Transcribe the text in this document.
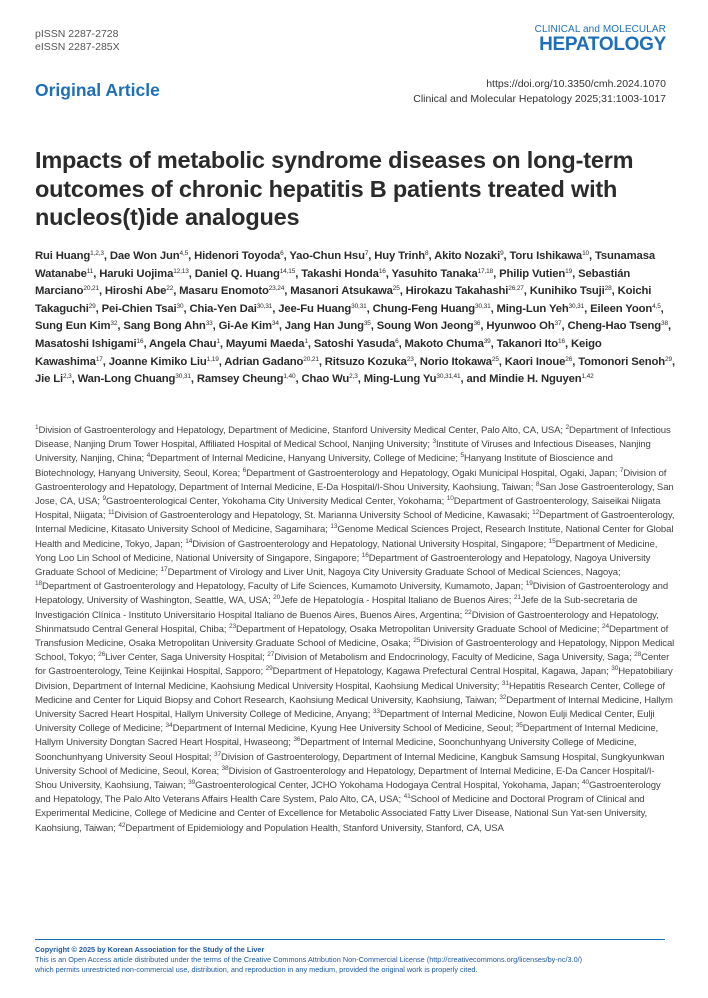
pISSN 2287-2728
eISSN 2287-285X
CLINICAL and MOLECULAR
HEPATOLOGY
Original Article	https://doi.org/10.3350/cmh.2024.1070
Clinical and Molecular Hepatology 2025;31:1003-1017
Impacts of metabolic syndrome diseases on long-term outcomes of chronic hepatitis B patients treated with nucleos(t)ide analogues
Rui Huang$^{1,2,3}$, Dae Won Jun$^{4,5}$, Hidenori Toyoda$^6$, Yao-Chun Hsu$^7$, Huy Trinh$^8$, Akito Nozaki$^9$, Toru Ishikawa$^{10}$, Tsunamasa Watanabe$^{11}$, Haruki Uojima$^{12,13}$, Daniel Q. Huang$^{14,15}$, Takashi Honda$^{16}$, Yasuhito Tanaka$^{17,18}$, Philip Vutien$^{19}$, Sebastián Marciano$^{20,21}$, Hiroshi Abe$^{22}$, Masaru Enomoto$^{23,24}$, Masanori Atsukawa$^{25}$, Hirokazu Takahashi$^{26,27}$, Kunihiko Tsuji$^{28}$, Koichi Takaguchi$^{29}$, Pei-Chien Tsai$^{30}$, Chia-Yen Dai$^{30,31}$, Jee-Fu Huang$^{30,31}$, Chung-Feng Huang$^{30,31}$, Ming-Lun Yeh$^{30,31}$, Eileen Yoon$^{4,5}$, Sung Eun Kim$^{32}$, Sang Bong Ahn$^{33}$, Gi-Ae Kim$^{34}$, Jang Han Jung$^{35}$, Soung Won Jeong$^{36}$, Hyunwoo Oh$^{37}$, Cheng-Hao Tseng$^{38}$, Masatoshi Ishigami$^{16}$, Angela Chau$^1$, Mayumi Maeda$^1$, Satoshi Yasuda$^6$, Makoto Chuma$^{39}$, Takanori Ito$^{16}$, Keigo Kawashima$^{17}$, Joanne Kimiko Liu$^{1,19}$, Adrian Gadano$^{20,21}$, Ritsuzo Kozuka$^{23}$, Norio Itokawa$^{25}$, Kaori Inoue$^{26}$, Tomonori Senoh$^{29}$, Jie Li$^{2,3}$, Wan-Long Chuang$^{30,31}$, Ramsey Cheung$^{1,40}$, Chao Wu$^{2,3}$, Ming-Lung Yu$^{30,31,41}$, and Mindie H. Nguyen$^{1,42}$
$^1$Division of Gastroenterology and Hepatology, Department of Medicine, Stanford University Medical Center, Palo Alto, CA, USA; $^2$Department of Infectious Disease, Nanjing Drum Tower Hospital, Affiliated Hospital of Medical School, Nanjing University; $^3$Institute of Viruses and Infectious Diseases, Nanjing University, Nanjing, China; $^4$Department of Internal Medicine, Hanyang University, College of Medicine; $^5$Hanyang Institute of Bioscience and Biotechnology, Hanyang University, Seoul, Korea; $^6$Department of Gastroenterology and Hepatology, Ogaki Municipal Hospital, Ogaki, Japan; $^7$Division of Gastroenterology and Hepatology, Department of Internal Medicine, E-Da Hospital/I-Shou University, Kaohsiung, Taiwan; $^8$San Jose Gastroenterology, San Jose, CA, USA; $^9$Gastroenterological Center, Yokohama City University Medical Center, Yokohama; $^{10}$Department of Gastroenterology, Saiseikai Niigata Hospital, Niigata; $^{11}$Division of Gastroenterology and Hepatology, St. Marianna University School of Medicine, Kawasaki; $^{12}$Department of Gastroenterology, Internal Medicine, Kitasato University School of Medicine, Sagamihara; $^{13}$Genome Medical Sciences Project, Research Institute, National Center for Global Health and Medicine, Tokyo, Japan; $^{14}$Division of Gastroenterology and Hepatology, National University Hospital, Singapore; $^{15}$Department of Medicine, Yong Loo Lin School of Medicine, National University of Singapore, Singapore; $^{16}$Department of Gastroenterology and Hepatology, Nagoya University Graduate School of Medicine; $^{17}$Department of Virology and Liver Unit, Nagoya City University Graduate School of Medical Sciences, Nagoya; $^{18}$Department of Gastroenterology and Hepatology, Faculty of Life Sciences, Kumamoto University, Kumamoto, Japan; $^{19}$Division of Gastroenterology and Hepatology, University of Washington, Seattle, WA, USA; $^{20}$Jefe de Hepatología - Hospital Italiano de Buenos Aires; $^{21}$Jefe de la Sub-secretaria de Investigación Clínica - Instituto Universitario Hospital Italiano de Buenos Aires, Buenos Aires, Argentina; $^{22}$Division of Gastroenterology and Hepatology, Shinmatsudo Central General Hospital, Chiba; $^{23}$Department of Hepatology, Osaka Metropolitan University Graduate School of Medicine; $^{24}$Department of Transfusion Medicine, Osaka Metropolitan University Graduate School of Medicine, Osaka; $^{25}$Division of Gastroenterology and Hepatology, Nippon Medical School, Tokyo; $^{26}$Liver Center, Saga University Hospital; $^{27}$Division of Metabolism and Endocrinology, Faculty of Medicine, Saga University, Saga; $^{28}$Center for Gastroenterology, Teine Keijinkai Hospital, Sapporo; $^{29}$Department of Hepatology, Kagawa Prefectural Central Hospital, Kagawa, Japan; $^{30}$Hepatobiliary Division, Department of Internal Medicine, Kaohsiung Medical University Hospital, Kaohsiung Medical University; $^{31}$Hepatitis Research Center, College of Medicine and Center for Liquid Biopsy and Cohort Research, Kaohsiung Medical University, Kaohsiung, Taiwan; $^{32}$Department of Internal Medicine, Hallym University Sacred Heart Hospital, Hallym University College of Medicine, Anyang; $^{33}$Department of Internal Medicine, Nowon Eulji Medical Center, Eulji University College of Medicine; $^{34}$Department of Internal Medicine, Kyung Hee University School of Medicine, Seoul; $^{35}$Department of Internal Medicine, Hallym University Dongtan Sacred Heart Hospital, Hwaseong; $^{36}$Department of Internal Medicine, Soonchunhyang University College of Medicine, Soonchunhyang University Seoul Hospital; $^{37}$Division of Gastroenterology, Department of Internal Medicine, Kangbuk Samsung Hospital, Sungkyunkwan University School of Medicine, Seoul, Korea; $^{38}$Division of Gastroenterology and Hepatology, Department of Internal Medicine, E-Da Cancer Hospital/I-Shou University, Kaohsiung, Taiwan; $^{39}$Gastroenterological Center, JCHO Yokohama Hodogaya Central Hospital, Yokohama, Japan; $^{40}$Gastroenterology and Hepatology, The Palo Alto Veterans Affairs Health Care System, Palo Alto, CA, USA; $^{41}$School of Medicine and Doctoral Program of Clinical and Experimental Medicine, College of Medicine and Center of Excellence for Metabolic Associated Fatty Liver Disease, National Sun Yat-sen University, Kaohsiung, Taiwan; $^{42}$Department of Epidemiology and Population Health, Stanford University, Stanford, CA, USA
Copyright © 2025 by Korean Association for the Study of the Liver
This is an Open Access article distributed under the terms of the Creative Commons Attribution Non-Commercial License (http://creativecommons.org/licenses/by-nc/3.0/)
which permits unrestricted non-commercial use, distribution, and reproduction in any medium, provided the original work is properly cited.
